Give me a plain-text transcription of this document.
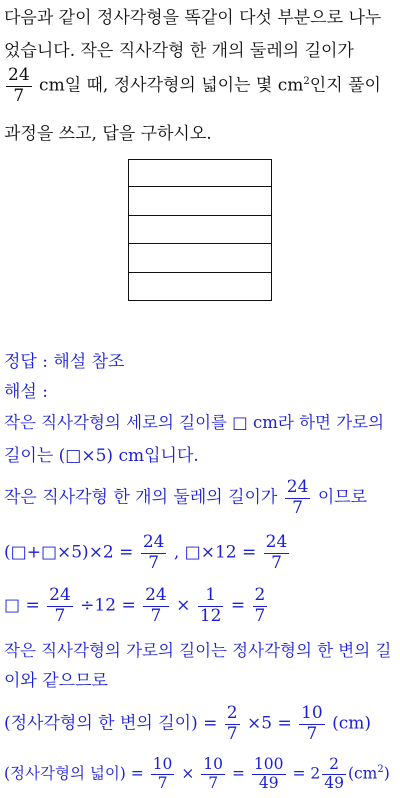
다음과 같이 정사각형을 똑같이 다섯 부분으로 나누
었습니다. 작은 직사각형 한 개의 둘레의 길이가
$\frac{24}{7}$ cm일 때, 정사각형의 넓이는 몇 $cm^2$인지 풀이
과정을 쓰고, 답을 구하시오.
정답 : 해설 참조
해설 :
작은 직사각형의 세로의 길이를 □ cm라 하면 가로의
길이는 (□×5) cm입니다.
작은 직사각형 한 개의 둘레의 길이가 $\frac{24}{7}$ 이므로
(□+□×5)×2 = $\frac{24}{7}$ , □×12 = $\frac{24}{7}$
□ = $\frac{24}{7} \div 12 = \frac{24}{7} \times \frac{1}{12} = \frac{2}{7}$
작은 직사각형의 가로의 길이는 정사각형의 한 변의 길
이와 같으므로
(정사각형의 한 변의 길이) = $\frac{2}{7} \times 5 = \frac{10}{7} (cm)$
(정사각형의 넓이) = $\frac{10}{7} \times \frac{10}{7} = \frac{100}{49} = 2 \frac{2}{49} (cm^2)$
